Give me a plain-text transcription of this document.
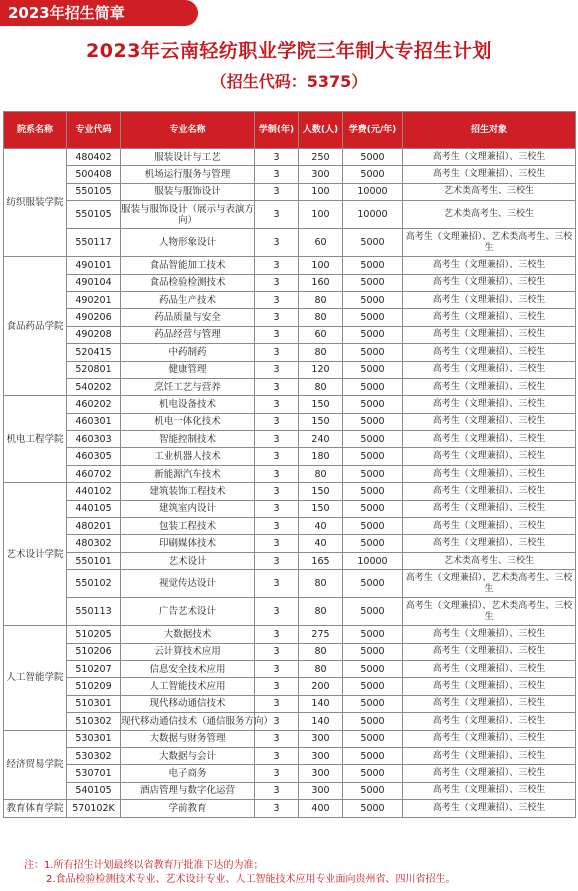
2023年招生简章
2023年云南轻纺职业学院三年制大专招生计划
（招生代码：5375）
院系名称	专业代码	专业名称	学制(年)	人数(人)	学费(元/年)	招生对象
纺织服装学院	480402	服装设计与工艺	3	250	5000	高考生（文理兼招）、三校生
	500408	机场运行服务与管理	3	300	5000	高考生（文理兼招）、三校生
	550105	服装与服饰设计	3	100	10000	艺术类高考生、三校生
	550105	服装与服饰设计（展示与表演方向）	3	100	10000	艺术类高考生、三校生
	550117	人物形象设计	3	60	5000	高考生（文理兼招）、艺术类高考生、三校生
食品药品学院	490101	食品智能加工技术	3	100	5000	高考生（文理兼招）、三校生
	490104	食品检验检测技术	3	160	5000	高考生（文理兼招）、三校生
	490201	药品生产技术	3	80	5000	高考生（文理兼招）、三校生
	490206	药品质量与安全	3	80	5000	高考生（文理兼招）、三校生
	490208	药品经营与管理	3	60	5000	高考生（文理兼招）、三校生
	520415	中药制药	3	80	5000	高考生（文理兼招）、三校生
	520801	健康管理	3	120	5000	高考生（文理兼招）、三校生
	540202	烹饪工艺与营养	3	80	5000	高考生（文理兼招）、三校生
机电工程学院	460202	机电设备技术	3	150	5000	高考生（文理兼招）、三校生
	460301	机电一体化技术	3	150	5000	高考生（文理兼招）、三校生
	460303	智能控制技术	3	240	5000	高考生（文理兼招）、三校生
	460305	工业机器人技术	3	180	5000	高考生（文理兼招）、三校生
	460702	新能源汽车技术	3	80	5000	高考生（文理兼招）、三校生
艺术设计学院	440102	建筑装饰工程技术	3	150	5000	高考生（文理兼招）、三校生
	440105	建筑室内设计	3	150	5000	高考生（文理兼招）、三校生
	480201	包装工程技术	3	40	5000	高考生（文理兼招）、三校生
	480302	印刷媒体技术	3	40	5000	高考生（文理兼招）、三校生
	550101	艺术设计	3	165	10000	艺术类高考生、三校生
	550102	视觉传达设计	3	80	5000	高考生（文理兼招）、艺术类高考生、三校生
	550113	广告艺术设计	3	80	5000	高考生（文理兼招）、艺术类高考生、三校生
人工智能学院	510205	大数据技术	3	275	5000	高考生（文理兼招）、三校生
	510206	云计算技术应用	3	80	5000	高考生（文理兼招）、三校生
	510207	信息安全技术应用	3	80	5000	高考生（文理兼招）、三校生
	510209	人工智能技术应用	3	200	5000	高考生（文理兼招）、三校生
	510301	现代移动通信技术	3	140	5000	高考生（文理兼招）、三校生
	510302	现代移动通信技术（通信服务方向）	3	140	5000	高考生（文理兼招）、三校生
经济贸易学院	530301	大数据与财务管理	3	300	5000	高考生（文理兼招）、三校生
	530302	大数据与会计	3	300	5000	高考生（文理兼招）、三校生
	530701	电子商务	3	300	5000	高考生（文理兼招）、三校生
	540105	酒店管理与数字化运营	3	300	5000	高考生（文理兼招）、三校生
教育体育学院	570102K	学前教育	3	400	5000	高考生（文理兼招）、三校生
注：1.所有招生计划最终以省教育厅批准下达的为准；
2.食品检验检测技术专业、艺术设计专业、人工智能技术应用专业面向贵州省、四川省招生。
